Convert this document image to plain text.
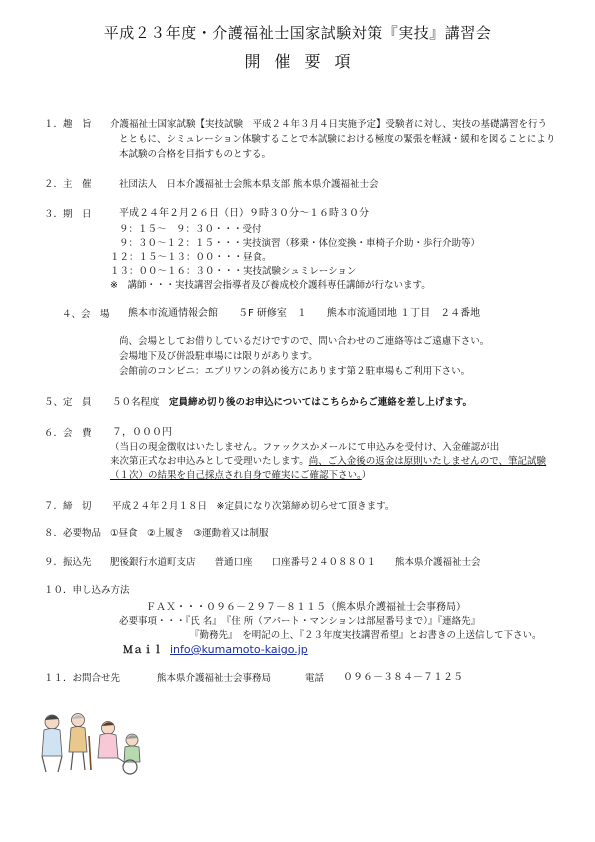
平成２３年度・介護福祉士国家試験対策『実技』講習会
開催要項
１．趣　旨 介護福祉士国家試験【実技試験　平成２４年３月４日実施予定】受験者に対し、実技の基礎講習を行う
とともに、シミュレーション体験することで本試験における極度の緊張を軽減・緩和を図ることにより
本試験の合格を目指すものとする。
２．主　催	社団法人　日本介護福祉士会熊本県支部 熊本県介護福祉士会
３．期　日	平成２４年２月２６日（日）９時３０分～１６時３０分
９：１５～　９：３０・・・受付
９：３０～１２：１５・・・実技演習（移乗・体位変換・車椅子介助・歩行介助等）
１２：１５～１３：００・・・昼食。
１３：００～１６：３０・・・実技試験シュミレーション
※　講師・・・実技講習会指導者及び養成校介護科専任講師が行ないます。
４、会　場 熊本市流通情報会館　　５F 研修室　１　　熊本市流通団地 １丁目　２４番地
尚、会場としてお借りしているだけですので、問い合わせのご連絡等はご遠慮下さい。
会場地下及び併設駐車場には限りがあります。
会館前のコンビニ：エブリワンの斜め後方にあります第２駐車場もご利用下さい。
５、定　員 ５０名程度 定員締め切り後のお申込についてはこちらからご連絡を差し上げます。
６．会　費 ７，０００円
（当日の現金徴収はいたしません。ファックスかメールにて申込みを受付け、入金確認が出
来次第正式なお申込みとして受理いたします。尚、ご入金後の返金は原則いたしませんので、筆記試験
（１次）の結果を自己採点され自身で確実にご確認下さい。）
７．締　切 平成２４年２月１８日　※定員になり次第締め切らせて頂きます。
８．必要物品 ①昼食　②上履き　③運動着又は制服
９．振込先 肥後銀行水道町支店　　普通口座　　口座番号２４０８８０１　　熊本県介護福祉士会
１０．申し込み方法
ＦＡＸ・・・０９６－２９７－８１１５（熊本県介護福祉士会事務局）
必要事項・・・『氏 名』　『住 所（アパート・マンションは部屋番号まで）』『連絡先』
『勤務先』　を明記の上、『２３年度実技講習希望』とお書きの上送信して下さい。
Ｍａｉｌ info@kumamoto-kaigo.jp
１１．お問合せ先	熊本県介護福祉士会事務局	電話 ０９６－３８４－７１２５
